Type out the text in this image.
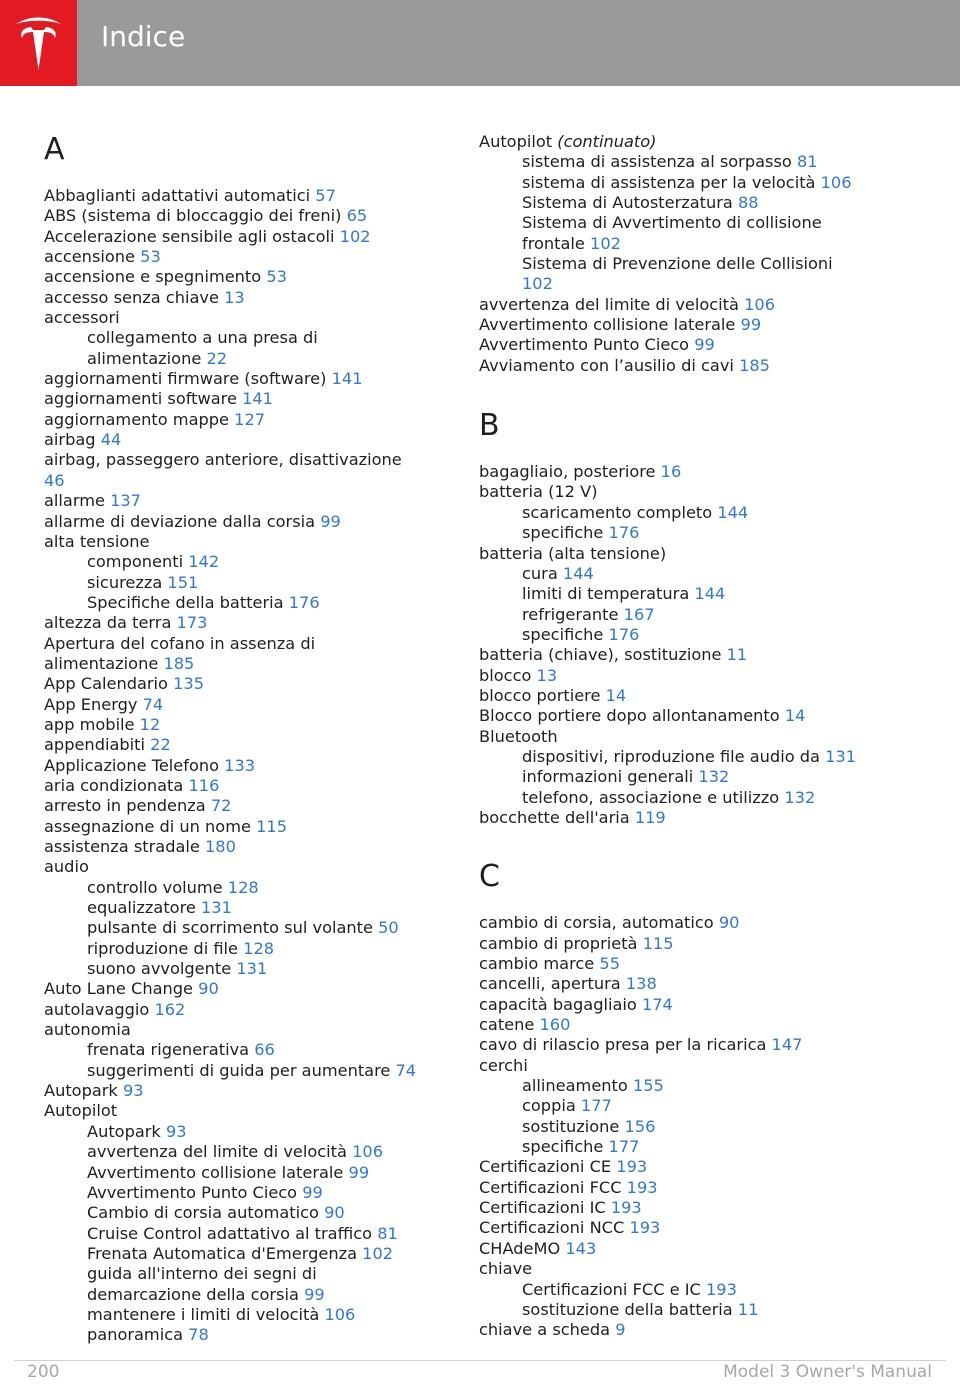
Indice
A
Abbaglianti adattativi automatici 57
ABS (sistema di bloccaggio dei freni) 65
Accelerazione sensibile agli ostacoli 102
accensione 53
accensione e spegnimento 53
accesso senza chiave 13
accessori
collegamento a una presa di
alimentazione 22
aggiornamenti firmware (software) 141
aggiornamenti software 141
aggiornamento mappe 127
airbag 44
airbag, passeggero anteriore, disattivazione
46
allarme 137
allarme di deviazione dalla corsia 99
alta tensione
componenti 142
sicurezza 151
Specifiche della batteria 176
altezza da terra 173
Apertura del cofano in assenza di
alimentazione 185
App Calendario 135
App Energy 74
app mobile 12
appendiabiti 22
Applicazione Telefono 133
aria condizionata 116
arresto in pendenza 72
assegnazione di un nome 115
assistenza stradale 180
audio
controllo volume 128
equalizzatore 131
pulsante di scorrimento sul volante 50
riproduzione di file 128
suono avvolgente 131
Auto Lane Change 90
autolavaggio 162
autonomia
frenata rigenerativa 66
suggerimenti di guida per aumentare 74
Autopark 93
Autopilot
Autopark 93
avvertenza del limite di velocità 106
Avvertimento collisione laterale 99
Avvertimento Punto Cieco 99
Cambio di corsia automatico 90
Cruise Control adattativo al traffico 81
Frenata Automatica d'Emergenza 102
guida all'interno dei segni di
demarcazione della corsia 99
mantenere i limiti di velocità 106
panoramica 78
Autopilot (continuato)
sistema di assistenza al sorpasso 81
sistema di assistenza per la velocità 106
Sistema di Autosterzatura 88
Sistema di Avvertimento di collisione
frontale 102
Sistema di Prevenzione delle Collisioni
102
avvertenza del limite di velocità 106
Avvertimento collisione laterale 99
Avvertimento Punto Cieco 99
Avviamento con l’ausilio di cavi 185
B
bagagliaio, posteriore 16
batteria (12 V)
scaricamento completo 144
specifiche 176
batteria (alta tensione)
cura 144
limiti di temperatura 144
refrigerante 167
specifiche 176
batteria (chiave), sostituzione 11
blocco 13
blocco portiere 14
Blocco portiere dopo allontanamento 14
Bluetooth
dispositivi, riproduzione file audio da 131
informazioni generali 132
telefono, associazione e utilizzo 132
bocchette dell'aria 119
C
cambio di corsia, automatico 90
cambio di proprietà 115
cambio marce 55
cancelli, apertura 138
capacità bagagliaio 174
catene 160
cavo di rilascio presa per la ricarica 147
cerchi
allineamento 155
coppia 177
sostituzione 156
specifiche 177
Certificazioni CE 193
Certificazioni FCC 193
Certificazioni IC 193
Certificazioni NCC 193
CHAdeMO 143
chiave
Certificazioni FCC e IC 193
sostituzione della batteria 11
chiave a scheda 9
200	Model 3 Owner's Manual
